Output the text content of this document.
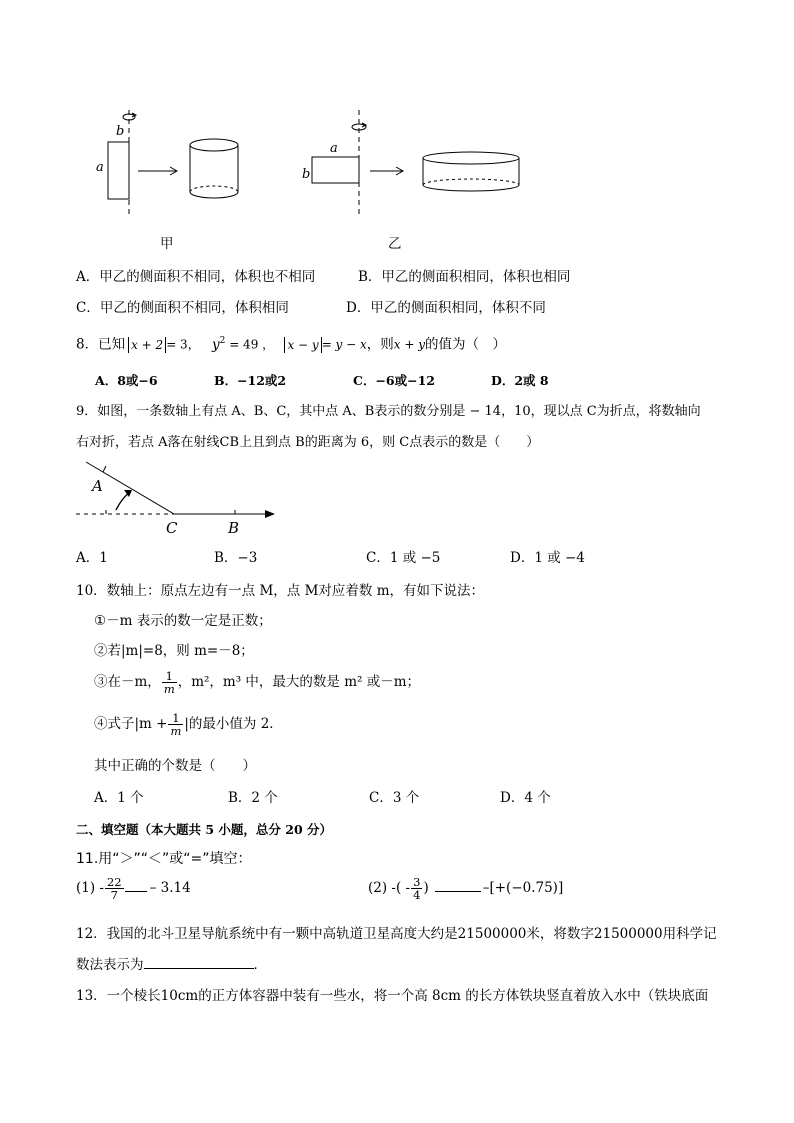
b
a
a
b
甲	乙
A．甲乙的侧面积不相同，体积也不相同	B．甲乙的侧面积相同，体积也相同
C．甲乙的侧面积不相同，体积相同	D．甲乙的侧面积相同，体积不同
8．已知 x + 2 = 3， $y^2 = 49$ ， x − y = y − x，则x + y的值为（　）
A．8或−6	B．−12或2	C．−6或−12	D．2或 8
9．如图，一条数轴上有点 A、B、C，其中点 A、B表示的数分别是 − 14，10，现以点 C为折点，将数轴向
右对折，若点 A落在射线CB上且到点 B的距离为 6，则 C点表示的数是（　　）
A
C	B
A．1	B．−3	C．1 或 −5	D．1 或 −4
10．数轴上：原点左边有一点 M，点 M对应着数 m，有如下说法：
①－m 表示的数一定是正数；
②若|m|=8，则 m=－8；
③在－m， $\frac{1}{m}$ ，m²，m³ 中，最大的数是 m² 或－m；
④式子$|m + \frac{1}{m}$ |的最小值为 2．
其中正确的个数是（　　）
A．1 个	B．2 个	C．3 个	D．4 个
二、填空题（本大题共 5 小题，总分 20 分）
11.用“＞”“＜”或“=”填空：
$(1) - \frac{22}{7} - 3.14$	(2) -( - $\frac{3}{4}$ )	–[+(−0.75)]
12．我国的北斗卫星导航系统中有一颗中高轨道卫星高度大约是21500000米，将数字21500000用科学记
数法表示为	．
13．一个棱长10cm的正方体容器中装有一些水，将一个高 8cm 的长方体铁块竖直着放入水中（铁块底面
